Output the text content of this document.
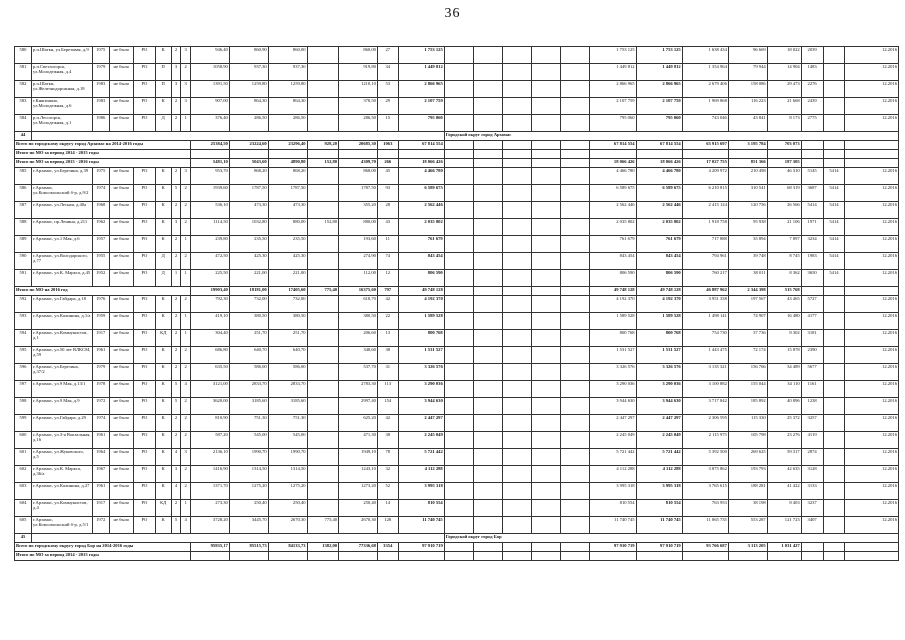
36
580	р.п.Шатки, ул.Березовая, д.9	1975	не было	РО	К	2	3	946,40	860,90	860,00		860,00	27	1 753 125						1 753 125	1 753 125	1 638 434	96 669	18 022	2039		12.2016
581	р.п.Светлогорск, ул.Молодежная, д.4	1979	не было	РО	П	3	2	1058,90	937,30	937,30		919,80	34	1 449 812						1 449 812	1 449 812	1 354 964	79 944	14 904	1483		12.2016
582	р.п.Шатки, ул.Железнодорожная, д.18	1983	не было	РО	П	3	3	1391,50	1259,80	1259,80		1210,10	53	2 866 965						2 866 965	2 866 965	2 679 406	158 086	29 473	2276		12.2016
583	г.Княгинино, ул.Молодежная, д.6	1983	не было	РО	К	2	3	907,00	864,30	864,30		378,50	29	2 107 759						2 107 759	2 107 759	1 969 868	116 223	21 668	2439		12.2016
584	р.п.Лесогорск, ул.Молодежная, д.1	1986	не было	РО	Д	2	1	376,40	286,50	286,50		286,50	15	795 060						795 060	795 060	743 046	43 841	8 173	2775		12.2016
44															Городской округ город Арзамас												
Всего по городскому округу город Арзамас на 2014-2016 годы								25384,50	23224,60	23296,40	928,20	20685,30	1063	67 814 554						67 814 554	67 814 554	63 915 697	3 195 784	703 073			
Итого по МО за период 2014 - 2015 годы																											
Итого по МО за период 2015 - 2016 годы								5481,10	5043,60	4890,80	152,80	4309,70	266	18 066 426						18 066 426	18 066 426	17 027 755	851 366	187 305			
585	г.Арзамас, ул.Березина, д.39	1975	не было	РО	К	2	3	953,70	868,20	868,20		868,00	45	4 466 780						4 466 780	4 466 780	4 209 972	210 498	46 310	5145	5414	12.2016
586	г.Арзамас, ул.Комсомольский б-р, д.9/2	1974	не было	РО	К	5	2	1939,60	1787,50	1787,50		1787,50	93	6 589 675						6 589 675	6 589 675	6 210 815	310 541	68 319	3687	5414	12.2016
587	г.Арзамас, ул.Лесная, д.40а	1968	не было	РО	К	2	2	536,10	473,30	473,30		355,20	28	2 562 446						2 562 446	2 562 446	2 415 124	120 756	26 566	5414	5414	12.2016
588	г.Арзамас, пр.Ленина, д.211	1962	не было	РО	К	3	2	1114,50	1032,80	880,00	152,80	880,00	43	2 035 802						2 035 802	2 035 802	1 918 758	95 938	21 106	1971	5414	12.2016
589	г.Арзамас, ул.1 Мая, д.6	1957	не было	РО	К	2	1	239,80	235,50	235,50		193,60	11	761 679						761 679	761 679	717 888	35 894	7 897	3234	5414	12.2016
590	г.Арзамас, ул.Володарского, д.77	1955	не было	РО	Д	2	2	472,50	425,30	425,30		274,90	74	843 454						843 454	843 454	794 961	39 748	8 745	1983	5414	12.2016
591	г.Арзамас, ул.К. Маркса, д.45	1952	не было	РО	Д	1	1	225,50	221,00	221,00		112,00	12	806 590						806 590	806 590	760 217	38 011	8 362	3650	5414	12.2016
Итого по МО на 2016 год								19903,40	18181,00	17405,60	775,40	16375,60	797	49 748 128						49 748 128	49 748 128	46 887 962	2 344 398	515 768			
592	г.Арзамас, ул.Гайдара, д.18	1976	не было	РО	К	2	2	792,30	732,00	732,00		618,70	42	4 192 370						4 192 370	4 192 370	3 951 338	197 567	43 465	5727		12.2016
593	г.Арзамас, ул.Калинина, д.1/а	1959	не было	РО	К	2	1	419,10	380,50	380,50		380,50	22	1 589 528						1 589 528	1 589 528	1 498 141	74 907	16 480	4177		12.2016
594	г.Арзамас, ул.Коммунистов, д.1	1917	не было	РО	КД	2	1	304,40	251,70	251,70		206,60	13	800 768						800 768	800 768	754 730	37 736	8 302	3181		12.2016
595	г.Арзамас, ул.50 лет ВЛКСМ, д.59	1961	не было	РО	К	2	2	686,80	640,70	640,70		348,60	38	1 531 527						1 531 527	1 531 527	1 443 475	72 174	15 878	2390		12.2016
596	г.Арзамас, ул.Березина, д.37/2	1979	не было	РО	К	2	2	635,50	586,00	586,00		537,70	31	3 326 576						3 326 576	3 326 576	3 135 321	156 766	34 489	5677		12.2016
597	г.Арзамас, ул.9 Мая, д.13/1	1978	не было	РО	К	5	4	3121,00	2833,70	2833,70		2783,30	113	3 290 036						3 290 036	3 290 036	3 100 882	155 044	34 110	1161		12.2016
598	г.Арзамас, ул.9 Мая, д.9	1972	не было	РО	К	5	2	3620,00	3185,60	3185,60		2997,40	154	3 944 630						3 944 630	3 944 630	3 717 842	185 892	40 896	1238		12.2016
599	г.Арзамас, ул.Гайдара, д.29	1974	не было	РО	К	2	2	810,90	751,30	751,30		625,20	42	2 447 297						2 447 297	2 447 297	2 306 595	115 330	25 372	3257		12.2016
600	г.Арзамас, ул.3-я Вокзальная, д.16	1961	не было	РО	К	2	2	587,20	545,00	545,00		471,30	38	2 245 049						2 245 049	2 245 049	2 115 975	105 798	23 276	4119		12.2016
601	г.Арзамас, ул.Жуковского, д.5	1964	не было	РО	К	4	3	2136,10	1990,70	1990,70		1949,10	78	5 721 442						5 721 442	5 721 442	5 392 500	269 625	59 317	2874		12.2016
602	г.Арзамас, ул.К. Маркса, д.36/а	1967	не было	РО	К	3	2	1416,90	1314,50	1314,50		1243,10	32	4 112 288						4 112 288	4 112 288	3 875 862	193 793	42 635	3128		12.2016
603	г.Арзамас, ул.Калинина, д.27	1961	не было	РО	К	4	2	1371,70	1275,20	1275,20		1273,20	52	3 995 318						3 995 318	3 995 318	3 765 615	188 281	41 422	3133		12.2016
604	г.Арзамас, ул.Коммунистов, д.4	1917	не было	РО	КД	2	1	273,30	250,40	250,40		250,40	14	810 554						810 554	810 554	763 953	38 198	8 403	3237		12.2016
605	г.Арзамас, ул.Комсомольский б-р, д.5/1	1972	не было	РО	К	5	4	3728,20	3445,70	2670,30	775,40	2670,30	128	11 740 745						11 740 745	11 740 745	11 065 735	553 287	121 723	3407		12.2016
45															Городской округ город Бор												
Всего по городскому округу город Бор на 2014-2016 годы								95935,17	85515,73	84133,73	1382,00	77336,68	3354	97 910 719						97 910 719	97 910 719	93 766 687	3 113 205	1 031 427			
Итого по МО за период 2014 - 2015 годы																											
